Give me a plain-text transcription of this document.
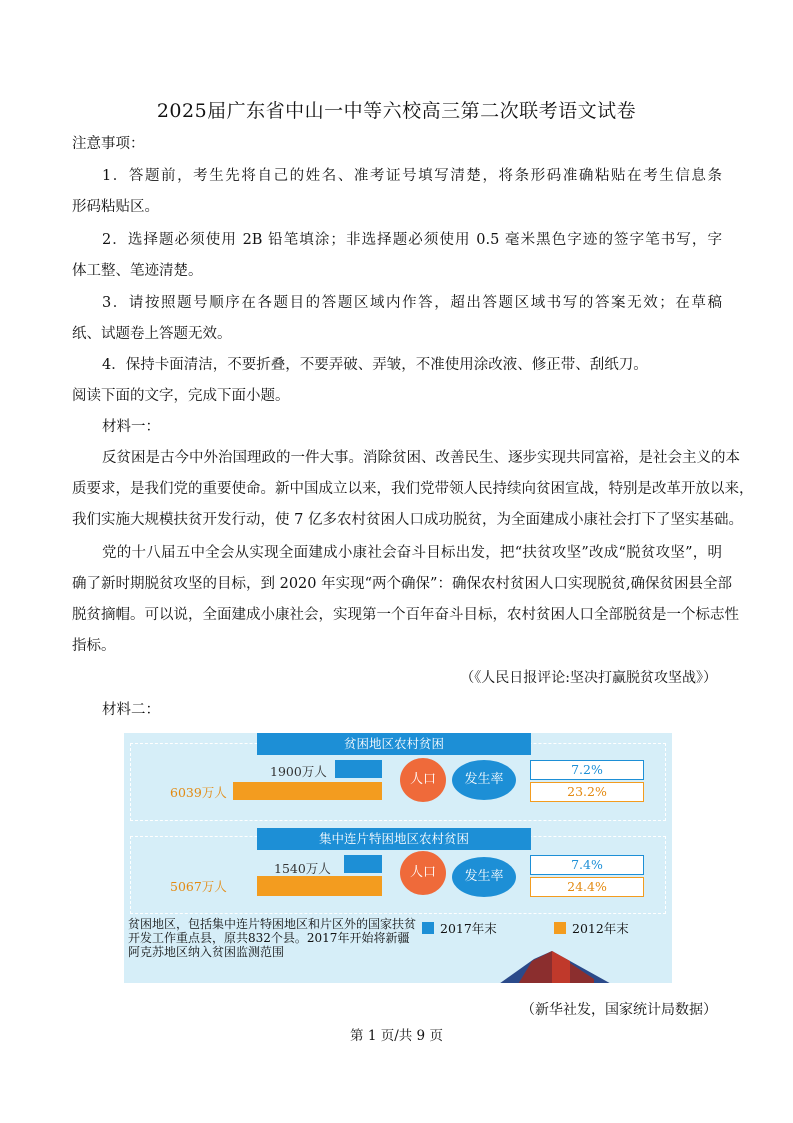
2025届广东省中山一中等六校高三第二次联考语文试卷
注意事项：
1．答题前，考生先将自己的姓名、准考证号填写清楚，将条形码准确粘贴在考生信息条
形码粘贴区。
2．选择题必须使用 2B 铅笔填涂；非选择题必须使用 0.5 毫米黑色字迹的签字笔书写，字
体工整、笔迹清楚。
3．请按照题号顺序在各题目的答题区域内作答，超出答题区域书写的答案无效；在草稿
纸、试题卷上答题无效。
4．保持卡面清洁，不要折叠，不要弄破、弄皱，不准使用涂改液、修正带、刮纸刀。
阅读下面的文字，完成下面小题。
材料一：
反贫困是古今中外治国理政的一件大事。消除贫困、改善民生、逐步实现共同富裕，是社会主义的本
质要求，是我们党的重要使命。新中国成立以来，我们党带领人民持续向贫困宣战，特别是改革开放以来，
我们实施大规模扶贫开发行动，使 7 亿多农村贫困人口成功脱贫，为全面建成小康社会打下了坚实基础。
党的十八届五中全会从实现全面建成小康社会奋斗目标出发，把“扶贫攻坚”改成“脱贫攻坚”，明
确了新时期脱贫攻坚的目标，到 2020 年实现“两个确保”：确保农村贫困人口实现脱贫,确保贫困县全部
脱贫摘帽。可以说，全面建成小康社会，实现第一个百年奋斗目标，农村贫困人口全部脱贫是一个标志性
指标。
（《人民日报评论:坚决打赢脱贫攻坚战》）
材料二：
贫困地区农村贫困
1900万人
6039万人
人口	发生率
7.2%
23.2%
集中连片特困地区农村贫困
1540万人
5067万人
人口	发生率
7.4%
24.4%
贫困地区，包括集中连片特困地区和片区外的国家扶贫开发工作重点县，原共832个县。2017年开始将新疆阿克苏地区纳入贫困监测范围
2017年末	2012年末
（新华社发，国家统计局数据）
第 1 页/共 9 页
